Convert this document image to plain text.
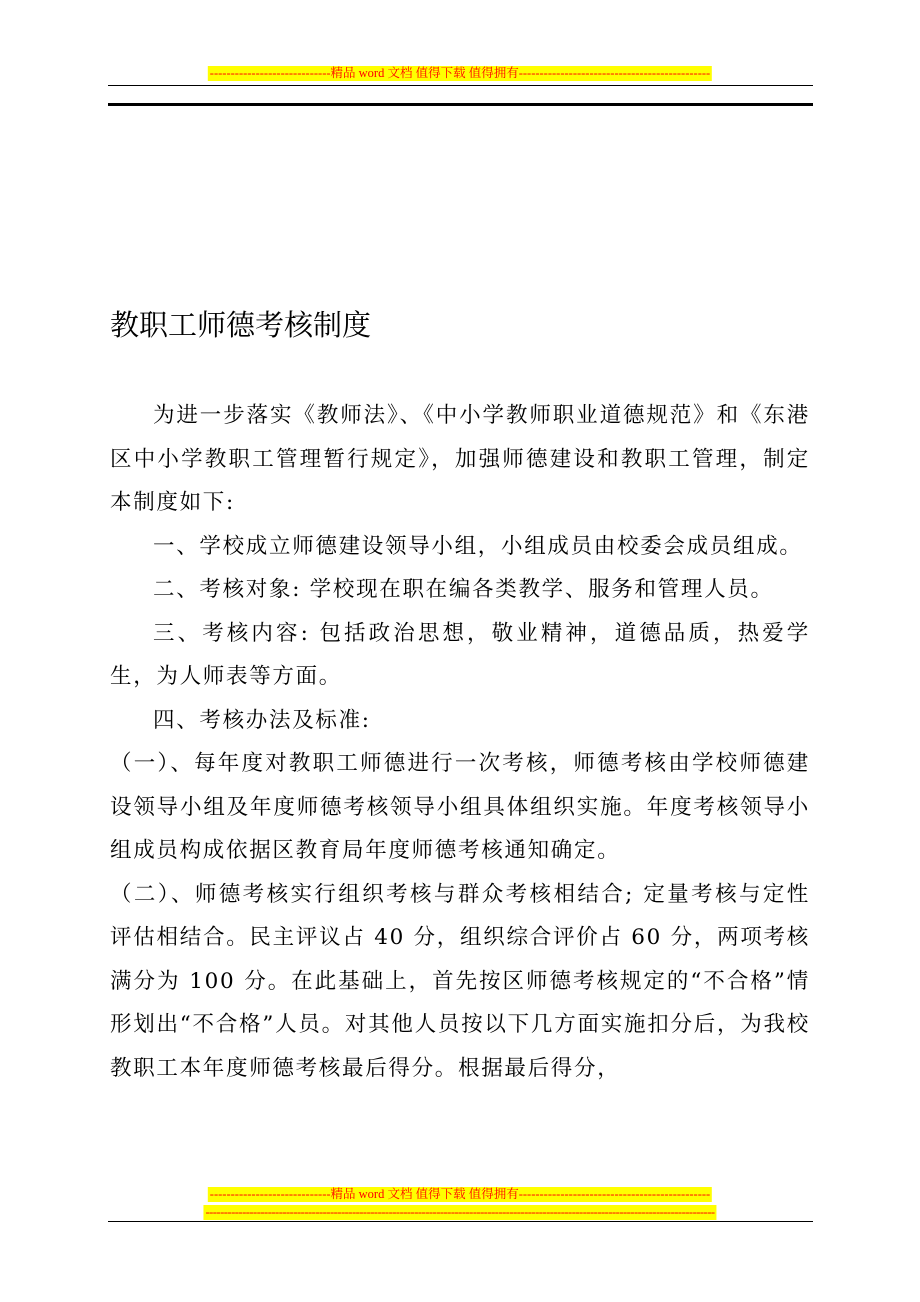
-----------------------------精品 word 文档 值得下载 值得拥有----------------------------------------------
教职工师德考核制度

为进一步落实《教师法》、《中小学教师职业道德规范》和《东港区中小学教职工管理暂行规定》，加强师德建设和教职工管理，制定本制度如下:

一、学校成立师德建设领导小组，小组成员由校委会成员组成。

二、考核对象: 学校现在职在编各类教学、服务和管理人员。

三、考核内容: 包括政治思想，敬业精神，道德品质，热爱学生，为人师表等方面。

四、考核办法及标准:

（一）、每年度对教职工师德进行一次考核，师德考核由学校师德建设领导小组及年度师德考核领导小组具体组织实施。年度考核领导小组成员构成依据区教育局年度师德考核通知确定。

（二）、师德考核实行组织考核与群众考核相结合; 定量考核与定性评估相结合。民主评议占 40 分，组织综合评价占 60 分，两项考核满分为 100 分。在此基础上，首先按区师德考核规定的“不合格”情形划出“不合格”人员。对其他人员按以下几方面实施扣分后，为我校教职工本年度师德考核最后得分。根据最后得分，

-----------------------------精品 word 文档 值得下载 值得拥有----------------------------------------------
-------------------------------------------------------------------------------------------------------------------------------------------
